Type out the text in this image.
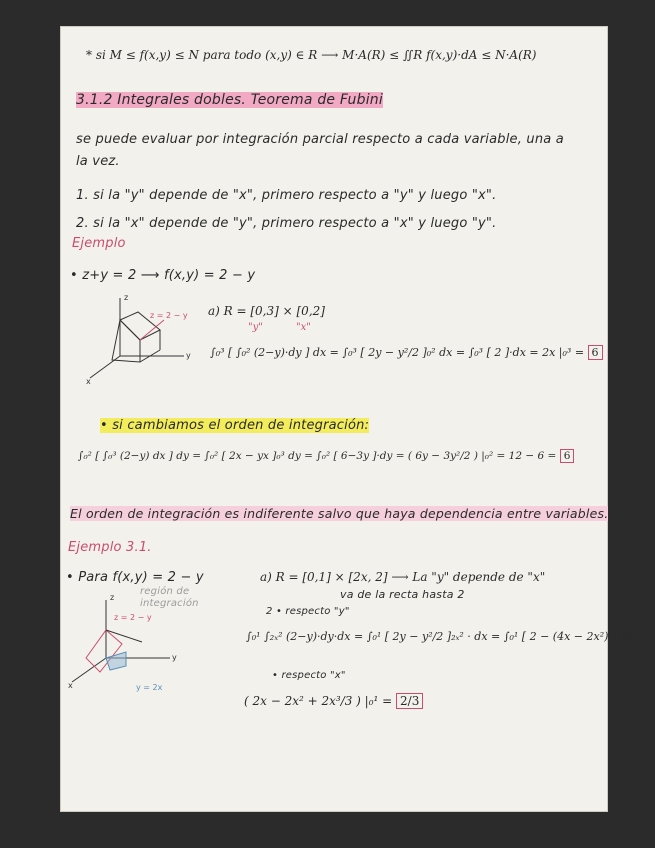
* si M ≤ f(x,y) ≤ N para todo (x,y) ∈ R ⟶ M·A(R) ≤ ∬R f(x,y)·dA ≤ N·A(R)
3.1.2 Integrales dobles. Teorema de Fubini
se puede evaluar por integración parcial respecto a cada variable, una a
la vez.
1. si la "y" depende de "x", primero respecto a "y" y luego "x".
2. si la "x" depende de "y", primero respecto a "x" y luego "y".
Ejemplo
• z+y = 2 ⟶ f(x,y) = 2 − y
z
y
x
z = 2 − y a) R = [0,3] × [0,2]
"y"	"x"
∫₀³ [ ∫₀² (2−y)·dy ] dx = ∫₀³ [ 2y − y²/2 ]₀² dx = ∫₀³ [ 2 ]·dx = 2x |₀³ = 6
• si cambiamos el orden de integración:
∫₀² [ ∫₀³ (2−y) dx ] dy = ∫₀² [ 2x − yx ]₀³ dy = ∫₀² [ 6−3y ]·dy = ( 6y − 3y²/2 ) |₀² = 12 − 6 = 6
El orden de integración es indiferente salvo que haya dependencia entre variables.
Ejemplo 3.1.
• Para f(x,y) = 2 − y
región de integración
z
y
x
z = 2 − y
y = 2x
a) R = [0,1] × [2x, 2] ⟶ La "y" depende de "x"
va de la recta hasta 2
2 • respecto "y"
∫₀¹ ∫₂ₓ² (2−y)·dy·dx = ∫₀¹ [ 2y − y²/2 ]₂ₓ² · dx = ∫₀¹ [ 2 − (4x − 2x²) ] dx
• respecto "x"
( 2x − 2x² + 2x³/3 ) |₀¹ = 2/3
